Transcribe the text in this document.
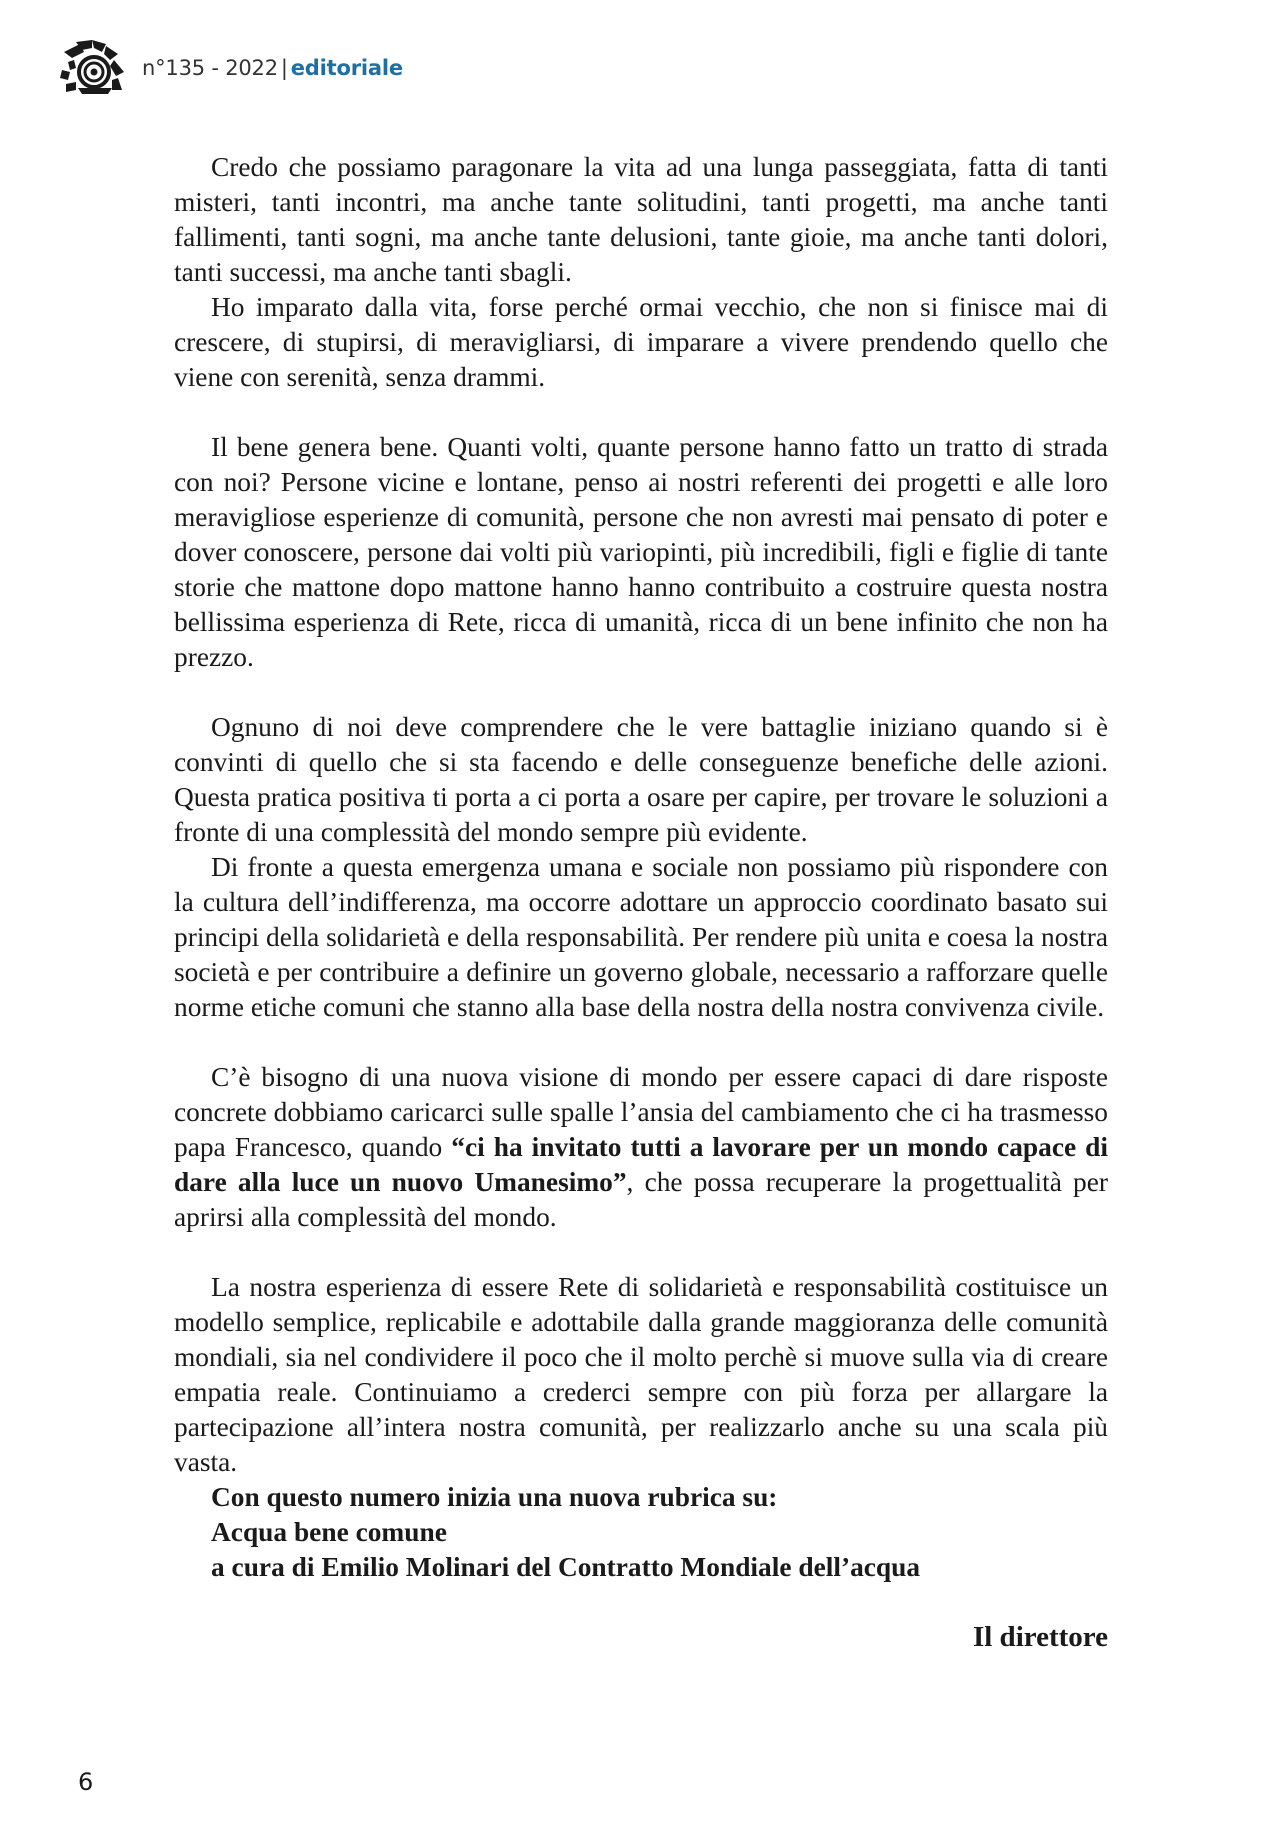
n°135 - 2022 | editoriale

Credo che possiamo paragonare la vita ad una lunga passeggiata, fatta di tanti misteri, tanti incontri, ma anche tante solitudini, tanti progetti, ma anche tanti fallimenti, tanti sogni, ma anche tante delusioni, tante gioie, ma anche tanti dolori, tanti successi, ma anche tanti sbagli.

Ho imparato dalla vita, forse perché ormai vecchio, che non si finisce mai di crescere, di stupirsi, di meravigliarsi, di imparare a vivere prendendo quello che viene con serenità, senza drammi.

Il bene genera bene. Quanti volti, quante persone hanno fatto un tratto di strada con noi? Persone vicine e lontane, penso ai nostri referenti dei progetti e alle loro meravigliose esperienze di comunità, persone che non avresti mai pensato di poter e dover conoscere, persone dai volti più variopinti, più incredibili, figli e figlie di tante storie che mattone dopo mattone hanno hanno contribuito a costruire questa nostra bellissima esperienza di Rete, ricca di umanità, ricca di un bene infinito che non ha prezzo.

Ognuno di noi deve comprendere che le vere battaglie iniziano quando si è convinti di quello che si sta facendo e delle conseguenze benefiche delle azioni. Questa pratica positiva ti porta a ci porta a osare per capire, per trovare le soluzioni a fronte di una complessità del mondo sempre più evidente.

Di fronte a questa emergenza umana e sociale non possiamo più rispondere con la cultura dell’indifferenza, ma occorre adottare un approccio coordinato basato sui principi della solidarietà e della responsabilità. Per rendere più unita e coesa la nostra società e per contribuire a definire un governo globale, necessario a rafforzare quelle norme etiche comuni che stanno alla base della nostra della nostra convivenza civile.

C’è bisogno di una nuova visione di mondo per essere capaci di dare risposte concrete dobbiamo caricarci sulle spalle l’ansia del cambiamento che ci ha trasmesso papa Francesco, quando “ci ha invitato tutti a lavorare per un mondo capace di dare alla luce un nuovo Umanesimo”, che possa recuperare la progettualità per aprirsi alla complessità del mondo.

La nostra esperienza di essere Rete di solidarietà e responsabilità costituisce un modello semplice, replicabile e adottabile dalla grande maggioranza delle comunità mondiali, sia nel condividere il poco che il molto perchè si muove sulla via di creare empatia reale. Continuiamo a crederci sempre con più forza per allargare la partecipazione all’intera nostra comunità, per realizzarlo anche su una scala più vasta.

Con questo numero inizia una nuova rubrica su:
Acqua bene comune
a cura di Emilio Molinari del Contratto Mondiale dell’acqua
Il direttore
6
